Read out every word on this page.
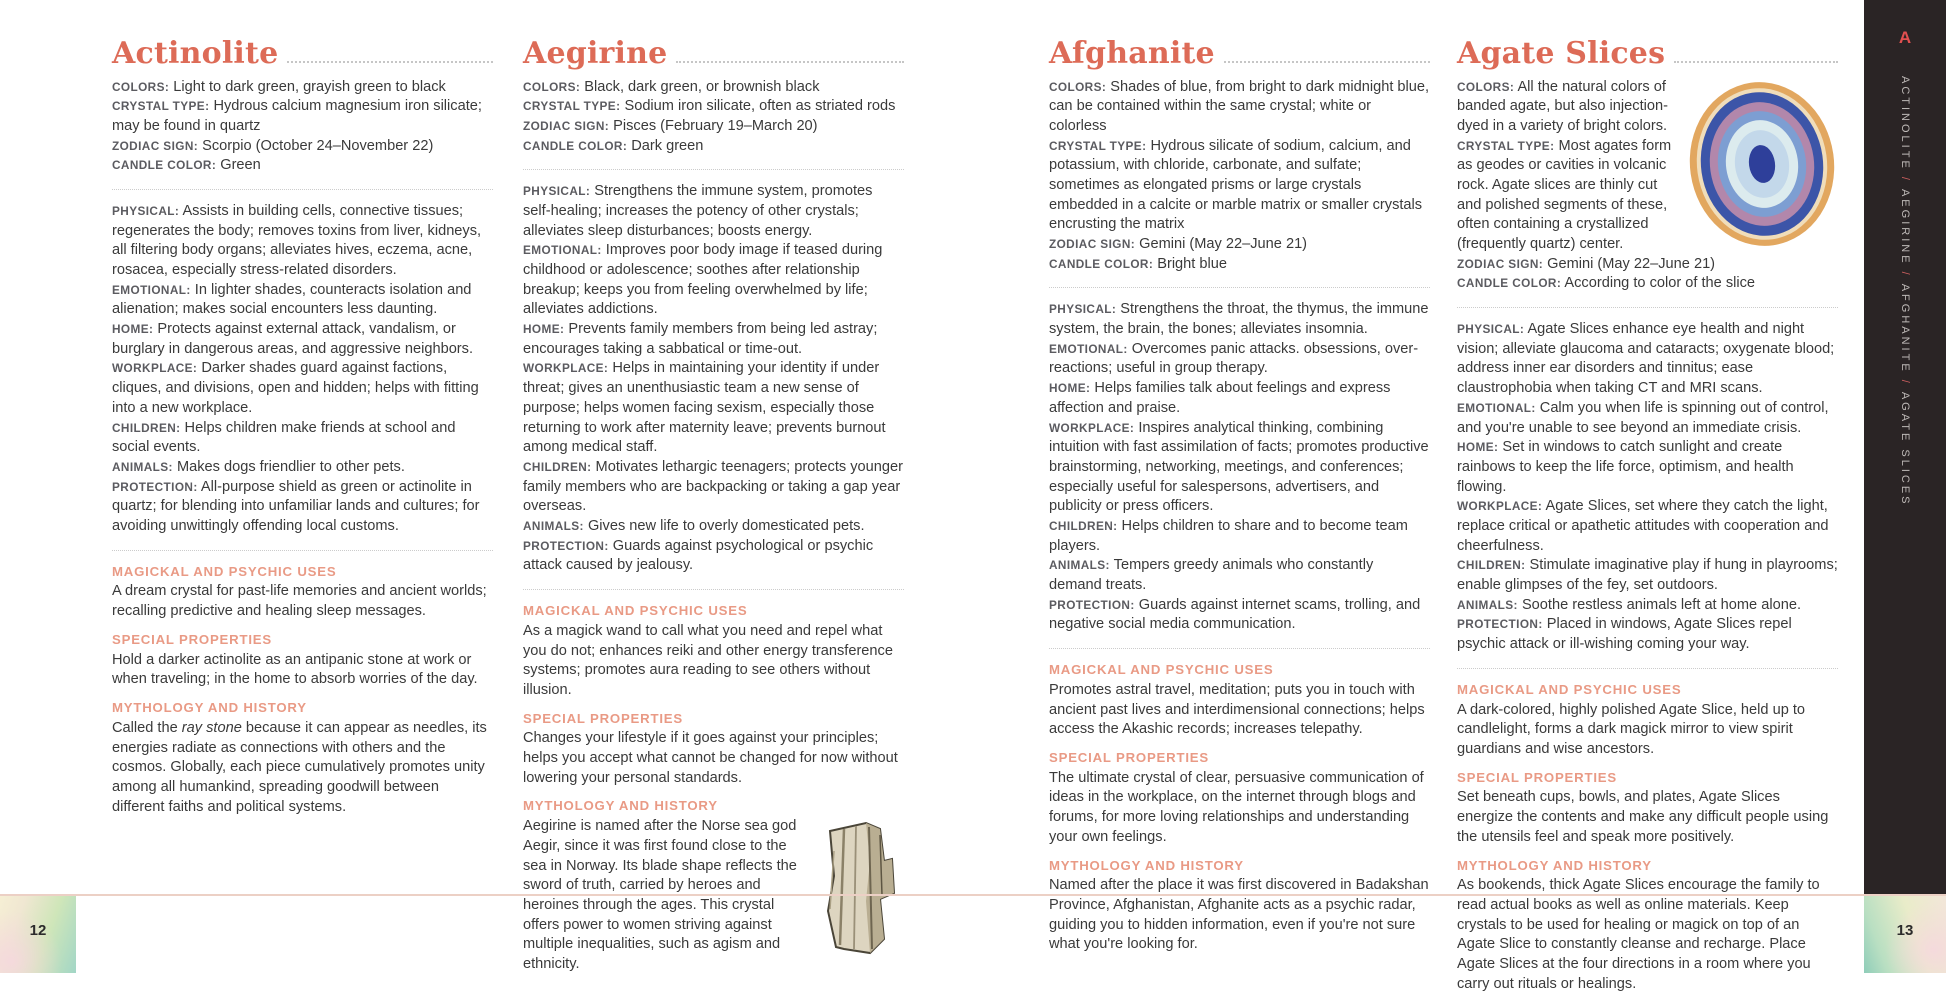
Actinolite

COLORS: Light to dark green, grayish green to black

CRYSTAL TYPE: Hydrous calcium magnesium iron silicate; may be found in quartz

ZODIAC SIGN: Scorpio (October 24–November 22)

CANDLE COLOR: Green

PHYSICAL: Assists in building cells, connective tissues; regenerates the body; removes toxins from liver, kidneys, all filtering body organs; alleviates hives, eczema, acne, rosacea, especially stress-related disorders.

EMOTIONAL: In lighter shades, counteracts isolation and alienation; makes social encounters less daunting.

HOME: Protects against external attack, vandalism, or burglary in dangerous areas, and aggressive neighbors.

WORKPLACE: Darker shades guard against factions, cliques, and divisions, open and hidden; helps with fitting into a new workplace.

CHILDREN: Helps children make friends at school and social events.

ANIMALS: Makes dogs friendlier to other pets.

PROTECTION: All-purpose shield as green or actinolite in quartz; for blending into unfamiliar lands and cultures; for avoiding unwittingly offending local customs.

MAGICKAL AND PSYCHIC USES

A dream crystal for past-life memories and ancient worlds; recalling predictive and healing sleep messages.

SPECIAL PROPERTIES

Hold a darker actinolite as an antipanic stone at work or when traveling; in the home to absorb worries of the day.

MYTHOLOGY AND HISTORY

Called the ray stone because it can appear as needles, its energies radiate as connections with others and the cosmos. Globally, each piece cumulatively promotes unity among all humankind, spreading goodwill between different faiths and political systems.

Aegirine

COLORS: Black, dark green, or brownish black

CRYSTAL TYPE: Sodium iron silicate, often as striated rods

ZODIAC SIGN: Pisces (February 19–March 20)

CANDLE COLOR: Dark green

PHYSICAL: Strengthens the immune system, promotes self-healing; increases the potency of other crystals; alleviates sleep disturbances; boosts energy.

EMOTIONAL: Improves poor body image if teased during childhood or adolescence; soothes after relationship breakup; keeps you from feeling overwhelmed by life; alleviates addictions.

HOME: Prevents family members from being led astray; encourages taking a sabbatical or time-out.

WORKPLACE: Helps in maintaining your identity if under threat; gives an unenthusiastic team a new sense of purpose; helps women facing sexism, especially those returning to work after maternity leave; prevents burnout among medical staff.

CHILDREN: Motivates lethargic teenagers; protects younger family members who are backpacking or taking a gap year overseas.

ANIMALS: Gives new life to overly domesticated pets.

PROTECTION: Guards against psychological or psychic attack caused by jealousy.

MAGICKAL AND PSYCHIC USES

As a magick wand to call what you need and repel what you do not; enhances reiki and other energy transference systems; promotes aura reading to see others without illusion.

SPECIAL PROPERTIES

Changes your lifestyle if it goes against your principles; helps you accept what cannot be changed for now without lowering your personal standards.

MYTHOLOGY AND HISTORY

Aegirine is named after the Norse sea god Aegir, since it was first found close to the sea in Norway. Its blade shape reflects the sword of truth, carried by heroes and heroines through the ages. This crystal offers power to women striving against multiple inequalities, such as agism and ethnicity.

Afghanite

COLORS: Shades of blue, from bright to dark midnight blue, can be contained within the same crystal; white or colorless

CRYSTAL TYPE: Hydrous silicate of sodium, calcium, and potassium, with chloride, carbonate, and sulfate; sometimes as elongated prisms or large crystals embedded in a calcite or marble matrix or smaller crystals encrusting the matrix

ZODIAC SIGN: Gemini (May 22–June 21)

CANDLE COLOR: Bright blue

PHYSICAL: Strengthens the throat, the thymus, the immune system, the brain, the bones; alleviates insomnia.

EMOTIONAL: Overcomes panic attacks. obsessions, over-reactions; useful in group therapy.

HOME: Helps families talk about feelings and express affection and praise.

WORKPLACE: Inspires analytical thinking, combining intuition with fast assimilation of facts; promotes productive brainstorming, networking, meetings, and conferences; especially useful for salespersons, advertisers, and publicity or press officers.

CHILDREN: Helps children to share and to become team players.

ANIMALS: Tempers greedy animals who constantly demand treats.

PROTECTION: Guards against internet scams, trolling, and negative social media communication.

MAGICKAL AND PSYCHIC USES

Promotes astral travel, meditation; puts you in touch with ancient past lives and interdimensional connections; helps access the Akashic records; increases telepathy.

SPECIAL PROPERTIES

The ultimate crystal of clear, persuasive communication of ideas in the workplace, on the internet through blogs and forums, for more loving relationships and understanding your own feelings.

MYTHOLOGY AND HISTORY

Named after the place it was first discovered in Badakshan Province, Afghanistan, Afghanite acts as a psychic radar, guiding you to hidden information, even if you're not sure what you're looking for.

Agate Slices

COLORS: All the natural colors of banded agate, but also injection-dyed in a variety of bright colors.

CRYSTAL TYPE: Most agates form as geodes or cavities in volcanic rock. Agate slices are thinly cut and polished segments of these, often containing a crystallized (frequently quartz) center.

ZODIAC SIGN: Gemini (May 22–June 21)

CANDLE COLOR: According to color of the slice

PHYSICAL: Agate Slices enhance eye health and night vision; alleviate glaucoma and cataracts; oxygenate blood; address inner ear disorders and tinnitus; ease claustrophobia when taking CT and MRI scans.

EMOTIONAL: Calm you when life is spinning out of control, and you're unable to see beyond an immediate crisis.

HOME: Set in windows to catch sunlight and create rainbows to keep the life force, optimism, and health flowing.

WORKPLACE: Agate Slices, set where they catch the light, replace critical or apathetic attitudes with cooperation and cheerfulness.

CHILDREN: Stimulate imaginative play if hung in playrooms; enable glimpses of the fey, set outdoors.

ANIMALS: Soothe restless animals left at home alone.

PROTECTION: Placed in windows, Agate Slices repel psychic attack or ill-wishing coming your way.

MAGICKAL AND PSYCHIC USES

A dark-colored, highly polished Agate Slice, held up to candlelight, forms a dark magick mirror to view spirit guardians and wise ancestors.

SPECIAL PROPERTIES

Set beneath cups, bowls, and plates, Agate Slices energize the contents and make any difficult people using the utensils feel and speak more positively.

MYTHOLOGY AND HISTORY

As bookends, thick Agate Slices encourage the family to read actual books as well as online materials. Keep crystals to be used for healing or magick on top of an Agate Slice to constantly cleanse and recharge. Place Agate Slices at the four directions in a room where you carry out rituals or healings.

A
ACTINOLITE / AEGIRINE / AFGHANITE / AGATE SLICES
12	13
